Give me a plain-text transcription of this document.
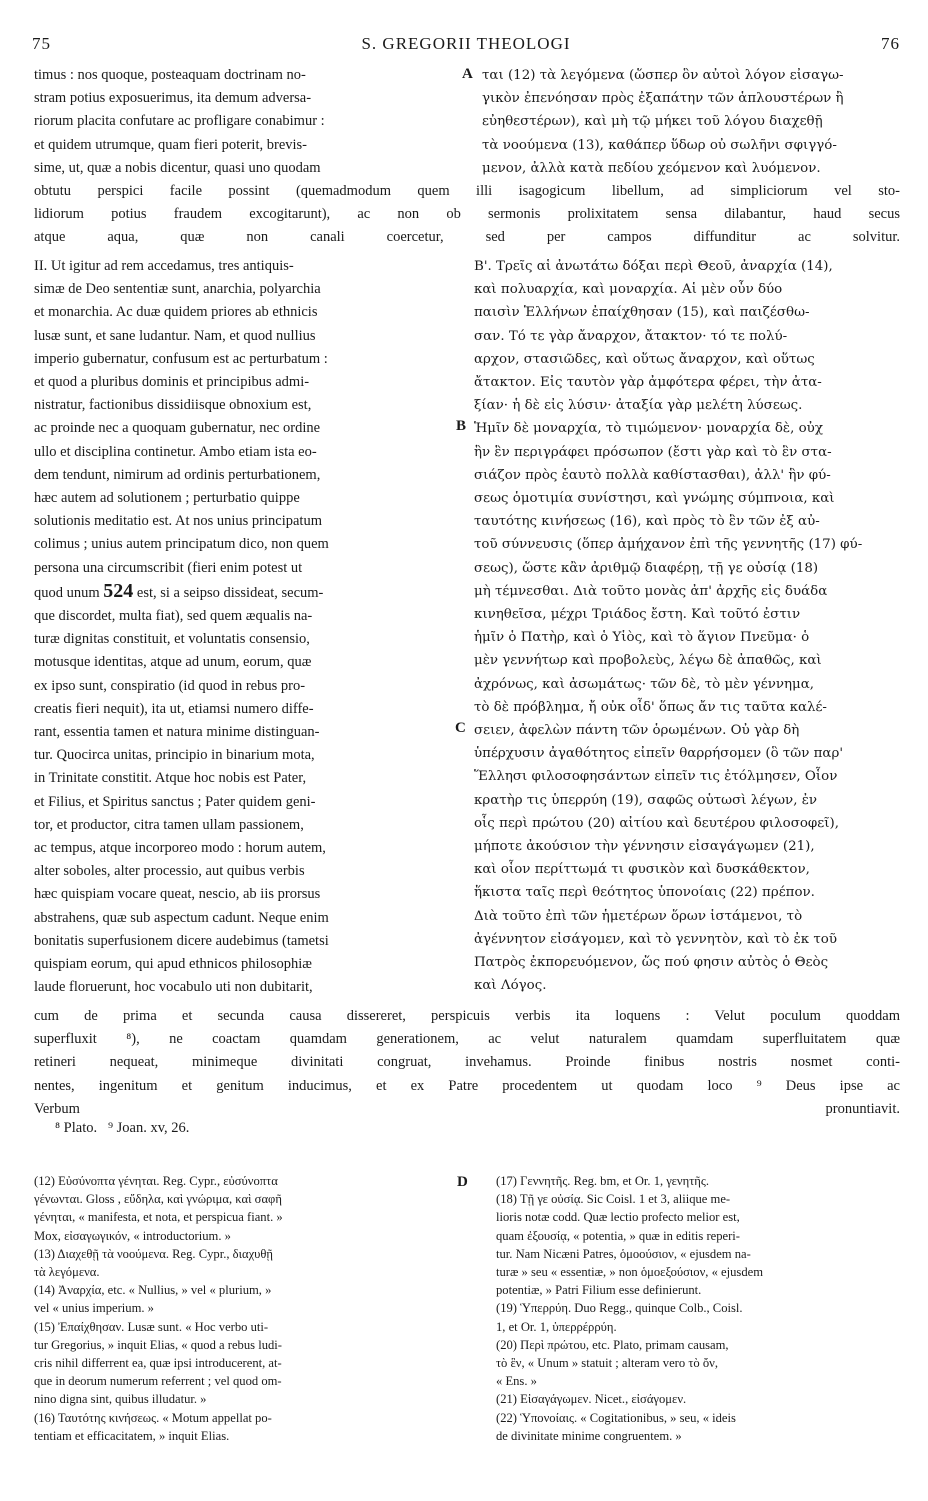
75	S. GREGORII THEOLOGI	76
timus : nos quoque, posteaquam doctrinam no-
stram potius exposuerimus, ita demum adversa-
riorum placita confutare ac profligare conabimur :
et quidem utrumque, quam fieri poterit, brevis-
sime, ut, quæ a nobis dicentur, quasi uno quodam
ται (12) τὰ λεγόμενα (ὥσπερ ὃν αὐτοὶ λόγον εἰσαγω-
γικὸν ἐπενόησαν πρὸς ἐξαπάτην τῶν ἁπλουστέρων ἢ
εὐηθεστέρων), καὶ μὴ τῷ μήκει τοῦ λόγου διαχεθῇ
τὰ νοούμενα (13), καθάπερ ὕδωρ οὐ σωλῆνι σφιγγό-
μενον, ἀλλὰ κατὰ πεδίου χεόμενον καὶ λυόμενον.
A
obtutu perspici facile possint (quemadmodum quem illi isagogicum libellum, ad simpliciorum vel sto-
lidiorum potius fraudem excogitarunt), ac non ob sermonis prolixitatem sensa dilabantur, haud secus
atque aqua, quæ non canali coercetur, sed per campos diffunditur ac solvitur.
II. Ut igitur ad rem accedamus, tres antiquis-
simæ de Deo sententiæ sunt, anarchia, polyarchia
et monarchia. Ac duæ quidem priores ab ethnicis
lusæ sunt, et sane ludantur. Nam, et quod nullius
imperio gubernatur, confusum est ac perturbatum :
et quod a pluribus dominis et principibus admi-
nistratur, factionibus dissidiisque obnoxium est,
ac proinde nec a quoquam gubernatur, nec ordine
ullo et disciplina continetur. Ambo etiam ista eo-
dem tendunt, nimirum ad ordinis perturbationem,
hæc autem ad solutionem ; perturbatio quippe
solutionis meditatio est. At nos unius principatum
colimus ; unius autem principatum dico, non quem
persona una circumscribit (fieri enim potest ut
quod unum 524 est, si a seipso dissideat, secum-
que discordet, multa fiat), sed quem æqualis na-
turæ dignitas constituit, et voluntatis consensio,
motusque identitas, atque ad unum, eorum, quæ
ex ipso sunt, conspiratio (id quod in rebus pro-
creatis fieri nequit), ita ut, etiamsi numero diffe-
rant, essentia tamen et natura minime distinguan-
tur. Quocirca unitas, principio in binarium mota,
in Trinitate constitit. Atque hoc nobis est Pater,
et Filius, et Spiritus sanctus ; Pater quidem geni-
tor, et productor, citra tamen ullam passionem,
ac tempus, atque incorporeo modo : horum autem,
alter soboles, alter processio, aut quibus verbis
hæc quispiam vocare queat, nescio, ab iis prorsus
abstrahens, quæ sub aspectum cadunt. Neque enim
bonitatis superfusionem dicere audebimus (tametsi
quispiam eorum, qui apud ethnicos philosophiæ
laude floruerunt, hoc vocabulo uti non dubitarit,
Β'. Τρεῖς αἱ ἀνωτάτω δόξαι περὶ Θεοῦ, ἀναρχία (14),
καὶ πολυαρχία, καὶ μοναρχία. Αἱ μὲν οὖν δύο
παισὶν Ἑλλήνων ἐπαίχθησαν (15), καὶ παιζέσθω-
σαν. Τό τε γὰρ ἄναρχον, ἄτακτον· τό τε πολύ-
αρχον, στασιῶδες, καὶ οὕτως ἄναρχον, καὶ οὕτως
ἄτακτον. Εἰς ταυτὸν γὰρ ἀμφότερα φέρει, τὴν ἀτα-
ξίαν· ἡ δὲ εἰς λύσιν· ἀταξία γὰρ μελέτη λύσεως.
Ἡμῖν δὲ μοναρχία, τὸ τιμώμενον· μοναρχία δὲ, οὐχ
ἣν ἓν περιγράφει πρόσωπον (ἔστι γὰρ καὶ τὸ ἓν στα-
σιάζον πρὸς ἑαυτὸ πολλὰ καθίστασθαι), ἀλλ' ἣν φύ-
σεως ὁμοτιμία συνίστησι, καὶ γνώμης σύμπνοια, καὶ
ταυτότης κινήσεως (16), καὶ πρὸς τὸ ἓν τῶν ἐξ αὐ-
τοῦ σύννευσις (ὅπερ ἀμήχανον ἐπὶ τῆς γεννητῆς (17) φύ-
σεως), ὥστε κἂν ἀριθμῷ διαφέρῃ, τῇ γε οὐσίᾳ (18)
μὴ τέμνεσθαι. Διὰ τοῦτο μονὰς ἀπ' ἀρχῆς εἰς δυάδα
κινηθεῖσα, μέχρι Τριάδος ἔστη. Καὶ τοῦτό ἐστιν
ἡμῖν ὁ Πατὴρ, καὶ ὁ Υἱὸς, καὶ τὸ ἅγιον Πνεῦμα· ὁ
μὲν γεννήτωρ καὶ προβολεὺς, λέγω δὲ ἀπαθῶς, καὶ
ἀχρόνως, καὶ ἀσωμάτως· τῶν δὲ, τὸ μὲν γέννημα,
τὸ δὲ πρόβλημα, ἤ οὐκ οἶδ' ὅπως ἄν τις ταῦτα καλέ-
σειεν, ἀφελὼν πάντη τῶν ὁρωμένων. Οὐ γὰρ δὴ
ὑπέρχυσιν ἀγαθότητος εἰπεῖν θαρρήσομεν (ὃ τῶν παρ'
Ἕλλησι φιλοσοφησάντων εἰπεῖν τις ἐτόλμησεν, Οἷον
κρατὴρ τις ὑπερρύη (19), σαφῶς οὑτωσὶ λέγων, ἐν
οἷς περὶ πρώτου (20) αἰτίου καὶ δευτέρου φιλοσοφεῖ),
μήποτε ἀκούσιον τὴν γέννησιν εἰσαγάγωμεν (21),
καὶ οἷον περίττωμά τι φυσικὸν καὶ δυσκάθεκτον,
ἥκιστα ταῖς περὶ θεότητος ὑπονοίαις (22) πρέπον.
Διὰ τοῦτο ἐπὶ τῶν ἡμετέρων ὅρων ἱστάμενοι, τὸ
ἀγέννητον εἰσάγομεν, καὶ τὸ γεννητὸν, καὶ τὸ ἐκ τοῦ
Πατρὸς ἐκπορευόμενον, ὥς πού φησιν αὐτὸς ὁ Θεὸς
καὶ Λόγος.
B
C
cum de prima et secunda causa dissereret, perspicuis verbis ita loquens : Velut poculum quoddam
superfluxit ⁸), ne coactam quamdam generationem, ac velut naturalem quamdam superfluitatem quæ
retineri nequeat, minimeque divinitati congruat, invehamus. Proinde finibus nostris nosmet conti-
nentes, ingenitum et genitum inducimus, et ex Patre procedentem ut quodam loco ⁹ Deus ipse ac
Verbum pronuntiavit.
⁸ Plato.   ⁹ Joan. xv, 26.
(12) Εὐσύνοπτα γένηται. Reg. Cypr., εὐσύνοπτα
γένωνται. Gloss , εὔδηλα, καὶ γνώριμα, καὶ σαφῆ
γένηται, « manifesta, et nota, et perspicua fiant. »
Mox, εἰσαγωγικόν, « introductorium. »
(13) Διαχεθῇ τὰ νοούμενα. Reg. Cypr., διαχυθῇ
τὰ λεγόμενα.
(14) Ἀναρχία, etc. « Nullius, » vel « plurium, »
vel « unius imperium. »
(15) Ἐπαίχθησαν. Lusæ sunt. « Hoc verbo uti-
tur Gregorius, » inquit Elias, « quod a rebus ludi-
cris nihil differrent ea, quæ ipsi introducerent, at-
que in deorum numerum referrent ; vel quod om-
nino digna sint, quibus illudatur. »
(16) Ταυτότης κινήσεως. « Motum appellat po-
tentiam et efficacitatem, » inquit Elias.
D (17) Γεννητῆς. Reg. bm, et Or. 1, γενητῆς.
(18) Τῇ γε οὐσίᾳ. Sic Coisl. 1 et 3, aliique me-
lioris notæ codd. Quæ lectio profecto melior est,
quam ἐξουσίᾳ, « potentia, » quæ in editis reperi-
tur. Nam Nicæni Patres, ὁμοούσιον, « ejusdem na-
turæ » seu « essentiæ, » non ὁμοεξούσιον, « ejusdem
potentiæ, » Patri Filium esse definierunt.
(19) Ὑπερρύη. Duo Regg., quinque Colb., Coisl.
1, et Or. 1, ὑπερρέρρύη.
(20) Περὶ πρώτου, etc. Plato, primam causam,
τὸ ἓν, « Unum » statuit ; alteram vero τὸ ὄν,
« Ens. »
(21) Εἰσαγάγωμεν. Nicet., εἰσάγομεν.
(22) Ὑπονοίαις. « Cogitationibus, » seu, « ideis
de divinitate minime congruentem. »
